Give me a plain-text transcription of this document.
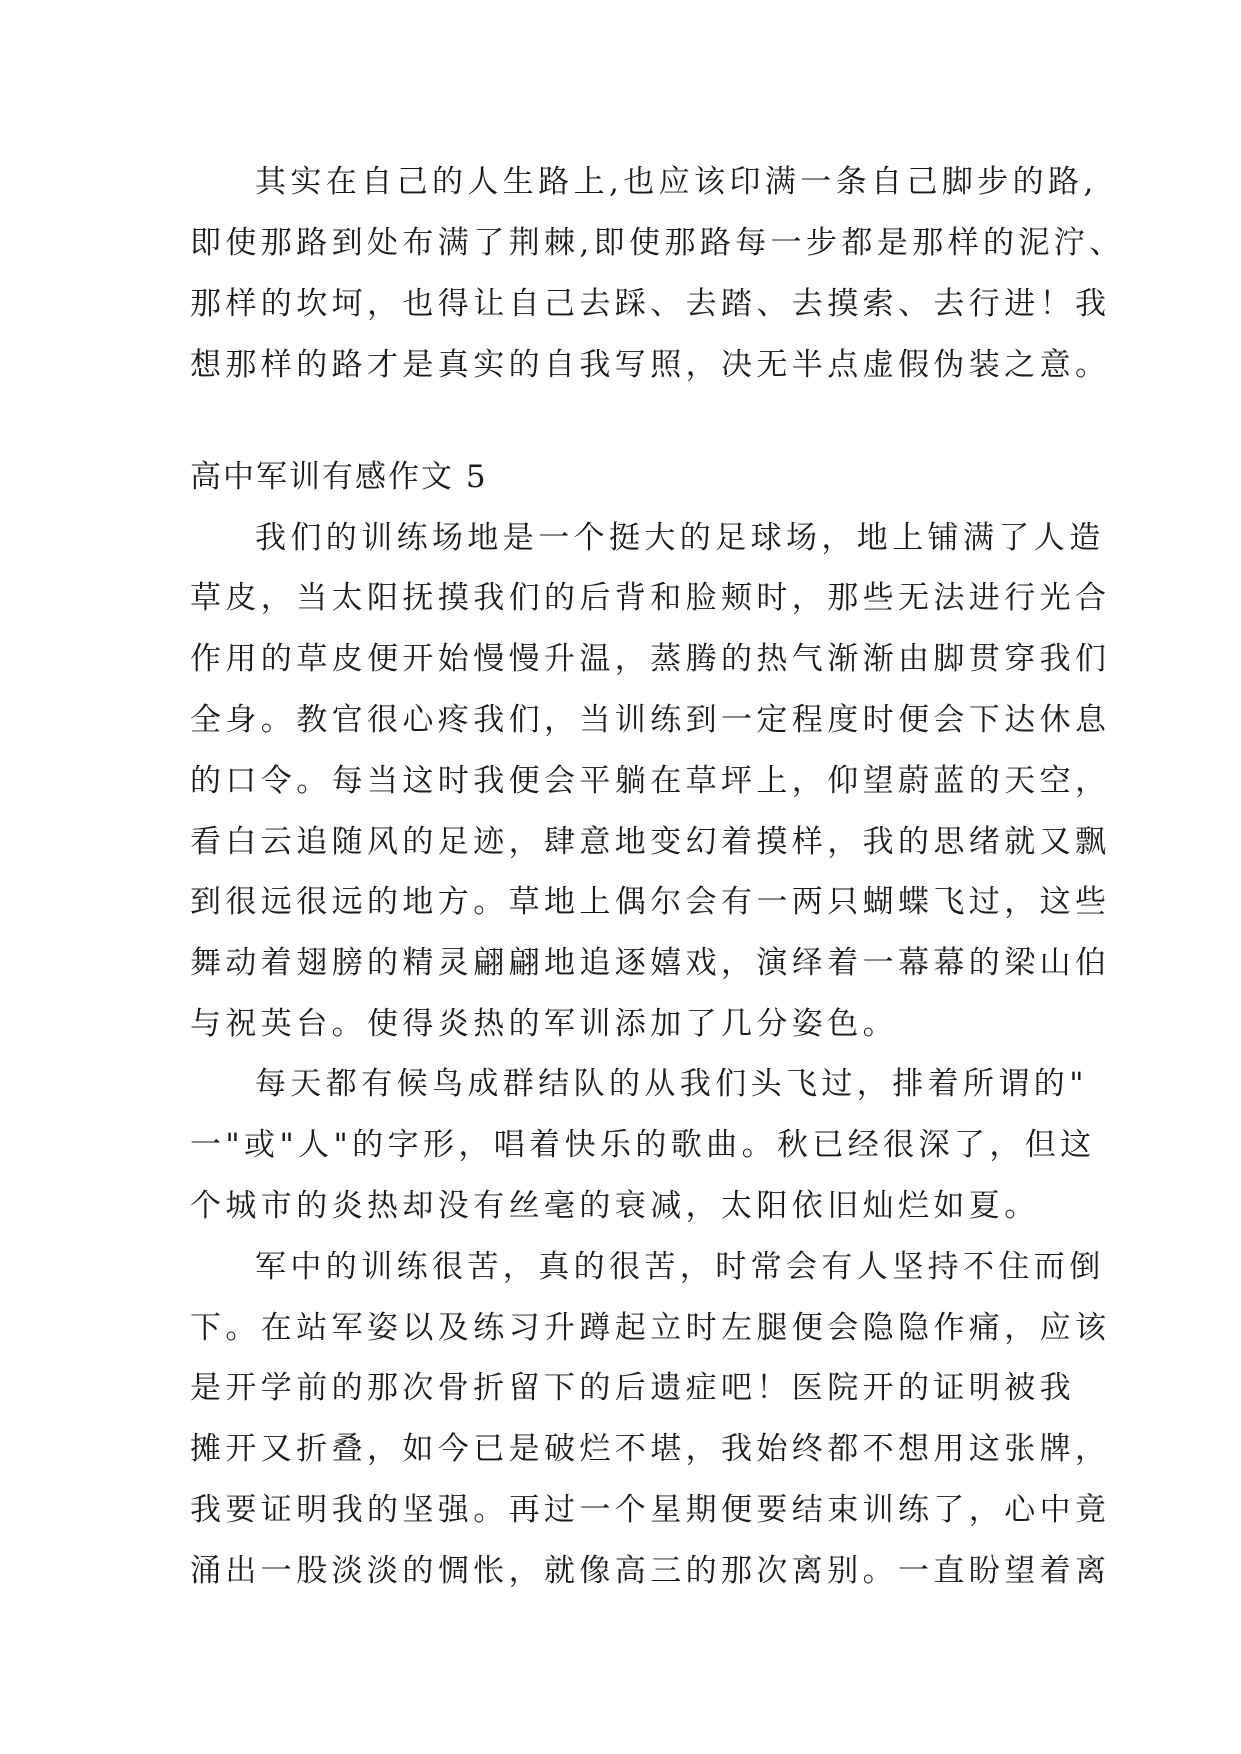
其实在自己的人生路上,也应该印满一条自己脚步的路,
即使那路到处布满了荆棘,即使那路每一步都是那样的泥泞、
那样的坎坷，也得让自己去踩、去踏、去摸索、去行进！我
想那样的路才是真实的自我写照，决无半点虚假伪装之意。
高中军训有感作文 5
我们的训练场地是一个挺大的足球场，地上铺满了人造
草皮，当太阳抚摸我们的后背和脸颊时，那些无法进行光合
作用的草皮便开始慢慢升温，蒸腾的热气渐渐由脚贯穿我们
全身。教官很心疼我们，当训练到一定程度时便会下达休息
的口令。每当这时我便会平躺在草坪上，仰望蔚蓝的天空，
看白云追随风的足迹，肆意地变幻着摸样，我的思绪就又飘
到很远很远的地方。草地上偶尔会有一两只蝴蝶飞过，这些
舞动着翅膀的精灵翩翩地追逐嬉戏，演绎着一幕幕的梁山伯
与祝英台。使得炎热的军训添加了几分姿色。
每天都有候鸟成群结队的从我们头飞过，排着所谓的"
一"或"人"的字形，唱着快乐的歌曲。秋已经很深了，但这
个城市的炎热却没有丝毫的衰减，太阳依旧灿烂如夏。
军中的训练很苦，真的很苦，时常会有人坚持不住而倒
下。在站军姿以及练习升蹲起立时左腿便会隐隐作痛，应该
是开学前的那次骨折留下的后遗症吧！医院开的证明被我
摊开又折叠，如今已是破烂不堪，我始终都不想用这张牌，
我要证明我的坚强。再过一个星期便要结束训练了，心中竟
涌出一股淡淡的惆怅，就像高三的那次离别。一直盼望着离
